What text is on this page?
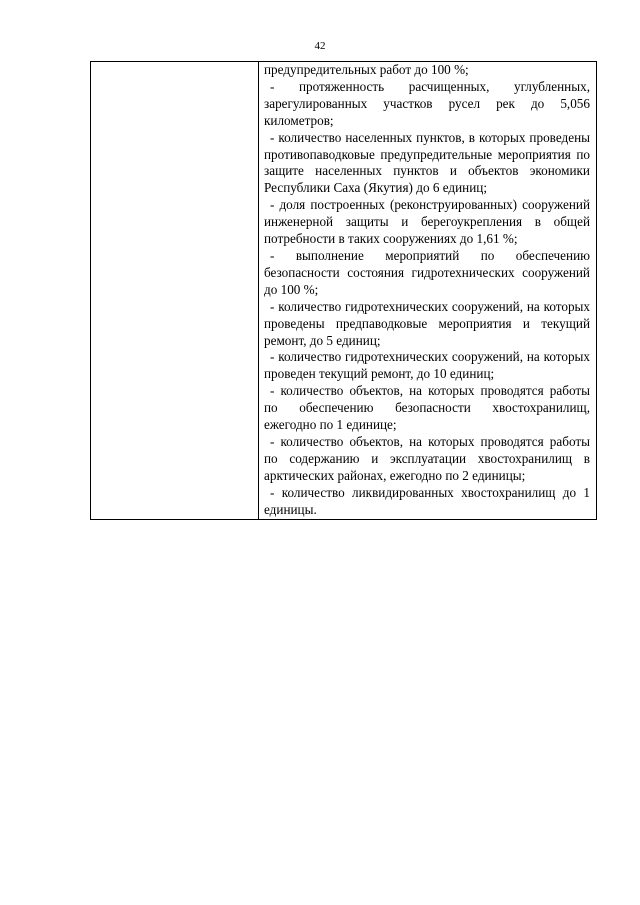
42

предупредительных работ до 100 %;

- протяженность расчищенных, углубленных, зарегулированных участков русел рек до 5,056 километров;

- количество населенных пунктов, в которых проведены противопаводковые предупредительные мероприятия по защите населенных пунктов и объектов экономики Республики Саха (Якутия) до 6 единиц;

- доля построенных (реконструированных) сооружений инженерной защиты и берегоукрепления в общей потребности в таких сооружениях до 1,61 %;

- выполнение мероприятий по обеспечению безопасности состояния гидротехнических сооружений до 100 %;

- количество гидротехнических сооружений, на которых проведены предпаводковые мероприятия и текущий ремонт, до 5 единиц;

- количество гидротехнических сооружений, на которых проведен текущий ремонт, до 10 единиц;

- количество объектов, на которых проводятся работы по обеспечению безопасности хвостохранилищ, ежегодно по 1 единице;

- количество объектов, на которых проводятся работы по содержанию и эксплуатации хвостохранилищ в арктических районах, ежегодно по 2 единицы;

- количество ликвидированных хвостохранилищ до 1 единицы.
